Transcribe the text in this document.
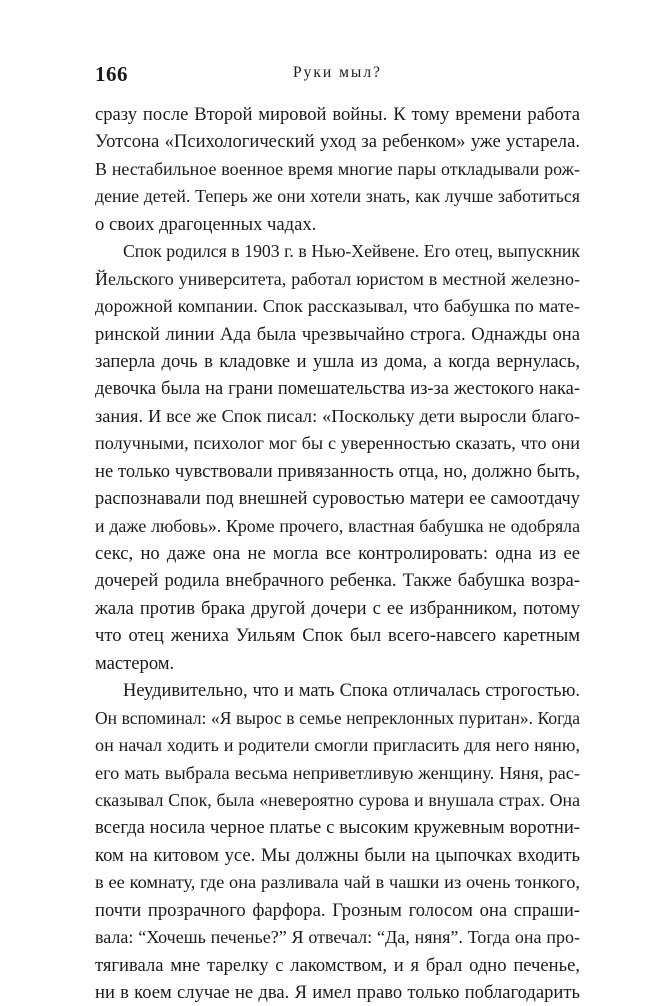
166	Руки мыл?
сразу после Второй мировой войны. К тому времени работа
Уотсона «Психологический уход за ребенком» уже устарела.
В нестабильное военное время многие пары откладывали рож-
дение детей. Теперь же они хотели знать, как лучше заботиться
о своих драгоценных чадах.
Спок родился в 1903 г. в Нью-Хейвене. Его отец, выпускник
Йельского университета, работал юристом в местной железно-
дорожной компании. Спок рассказывал, что бабушка по мате-
ринской линии Ада была чрезвычайно строга. Однажды она
заперла дочь в кладовке и ушла из дома, а когда вернулась,
девочка была на грани помешательства из-за жестокого нака-
зания. И все же Спок писал: «Поскольку дети выросли благо-
получными, психолог мог бы с уверенностью сказать, что они
не только чувствовали привязанность отца, но, должно быть,
распознавали под внешней суровостью матери ее самоотдачу
и даже любовь». Кроме прочего, властная бабушка не одобряла
секс, но даже она не могла все контролировать: одна из ее
дочерей родила внебрачного ребенка. Также бабушка возра-
жала против брака другой дочери с ее избранником, потому
что отец жениха Уильям Спок был всего-навсего каретным
мастером.
Неудивительно, что и мать Спока отличалась строгостью.
Он вспоминал: «Я вырос в семье непреклонных пуритан». Когда
он начал ходить и родители смогли пригласить для него няню,
его мать выбрала весьма неприветливую женщину. Няня, рас-
сказывал Спок, была «невероятно сурова и внушала страх. Она
всегда носила черное платье с высоким кружевным воротни-
ком на китовом усе. Мы должны были на цыпочках входить
в ее комнату, где она разливала чай в чашки из очень тонкого,
почти прозрачного фарфора. Грозным голосом она спраши-
вала: “Хочешь печенье?” Я отвечал: “Да, няня”. Тогда она про-
тягивала мне тарелку с лакомством, и я брал одно печенье,
ни в коем случае не два. Я имел право только поблагодарить
